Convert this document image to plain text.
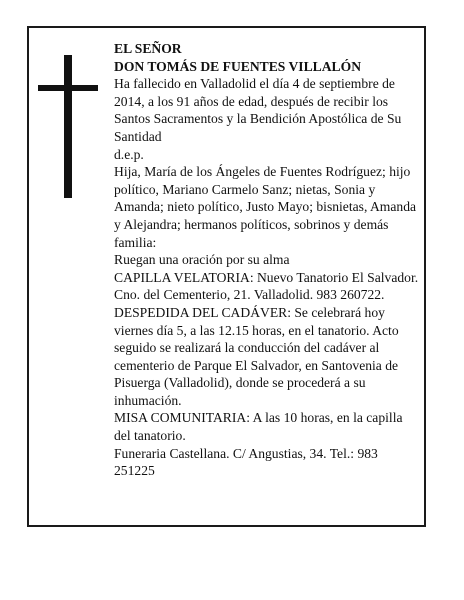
EL SEÑOR

DON TOMÁS DE FUENTES VILLALÓN

Ha fallecido en Valladolid el día 4 de septiembre de 2014, a los 91 años de edad, después de recibir los Santos Sacramentos y la Bendición Apostólica de Su Santidad

d.e.p.

Hija, María de los Ángeles de Fuentes Rodríguez; hijo político, Mariano Carmelo Sanz; nietas, Sonia y Amanda; nieto político, Justo Mayo; bisnietas, Amanda y Alejandra; hermanos políticos, sobrinos y demás familia:

Ruegan una oración por su alma

CAPILLA VELATORIA: Nuevo Tanatorio El Salvador. Cno. del Cementerio, 21. Valladolid. 983 260722.

DESPEDIDA DEL CADÁVER: Se celebrará hoy viernes día 5, a las 12.15 horas, en el tanatorio. Acto seguido se realizará la conducción del cadáver al cementerio de Parque El Salvador, en Santovenia de Pisuerga (Valladolid), donde se procederá a su inhumación.

MISA COMUNITARIA: A las 10 horas, en la capilla del tanatorio.

Funeraria Castellana. C/ Angustias, 34. Tel.: 983 251225
